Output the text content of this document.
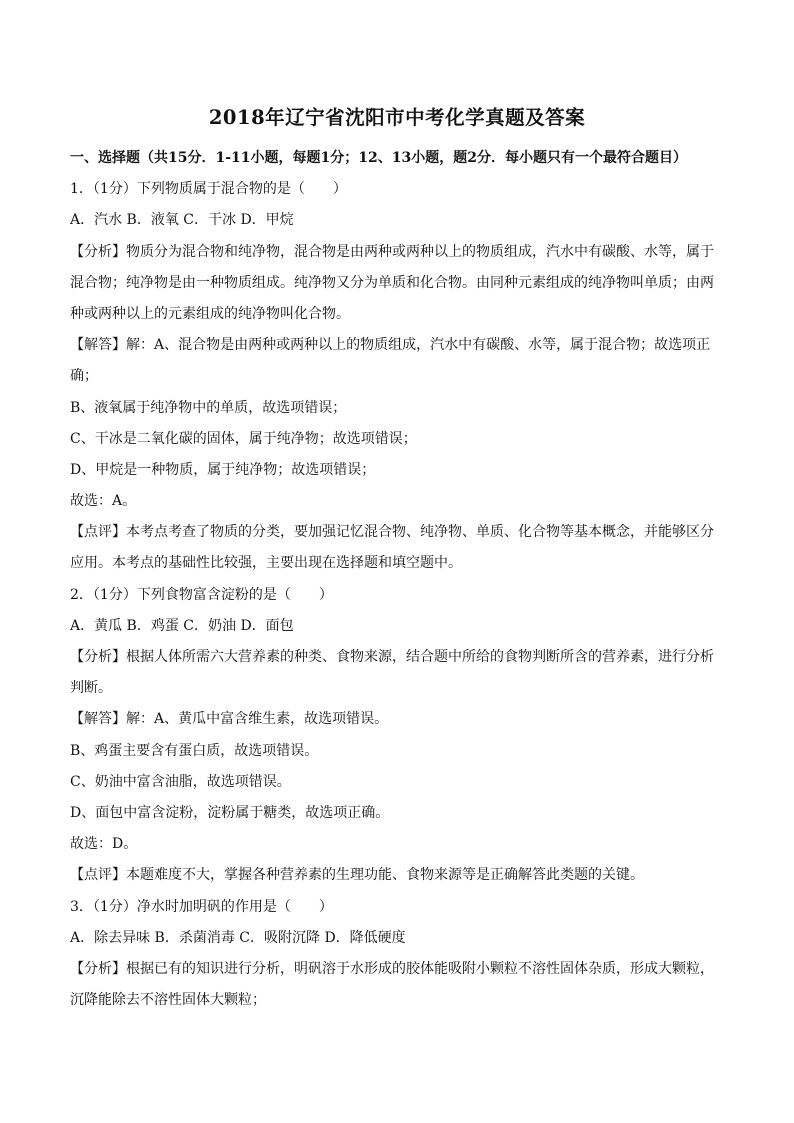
2018年辽宁省沈阳市中考化学真题及答案

一、选择题（共15分．1-11小题，每题1分；12、13小题，题2分．每小题只有一个最符合题目）

1．（1分）下列物质属于混合物的是（　　）

A．汽水 B．液氧 C．干冰 D．甲烷

【分析】物质分为混合物和纯净物，混合物是由两种或两种以上的物质组成，汽水中有碳酸、水等，属于

混合物；纯净物是由一种物质组成。纯净物又分为单质和化合物。由同种元素组成的纯净物叫单质；由两

种或两种以上的元素组成的纯净物叫化合物。

【解答】解：A、混合物是由两种或两种以上的物质组成，汽水中有碳酸、水等，属于混合物；故选项正

确；

B、液氧属于纯净物中的单质，故选项错误；

C、干冰是二氧化碳的固体，属于纯净物；故选项错误；

D、甲烷是一种物质，属于纯净物；故选项错误；

故选：A。

【点评】本考点考查了物质的分类，要加强记忆混合物、纯净物、单质、化合物等基本概念，并能够区分

应用。本考点的基础性比较强，主要出现在选择题和填空题中。

2．（1分）下列食物富含淀粉的是（　　）

A．黄瓜 B．鸡蛋 C．奶油 D．面包

【分析】根据人体所需六大营养素的种类、食物来源，结合题中所给的食物判断所含的营养素，进行分析

判断。

【解答】解：A、黄瓜中富含维生素，故选项错误。

B、鸡蛋主要含有蛋白质，故选项错误。

C、奶油中富含油脂，故选项错误。

D、面包中富含淀粉，淀粉属于糖类，故选项正确。

故选：D。

【点评】本题难度不大，掌握各种营养素的生理功能、食物来源等是正确解答此类题的关键。

3．（1分）净水时加明矾的作用是（　　）

A．除去异味 B．杀菌消毒 C．吸附沉降 D．降低硬度

【分析】根据已有的知识进行分析，明矾溶于水形成的胶体能吸附小颗粒不溶性固体杂质，形成大颗粒，

沉降能除去不溶性固体大颗粒；
